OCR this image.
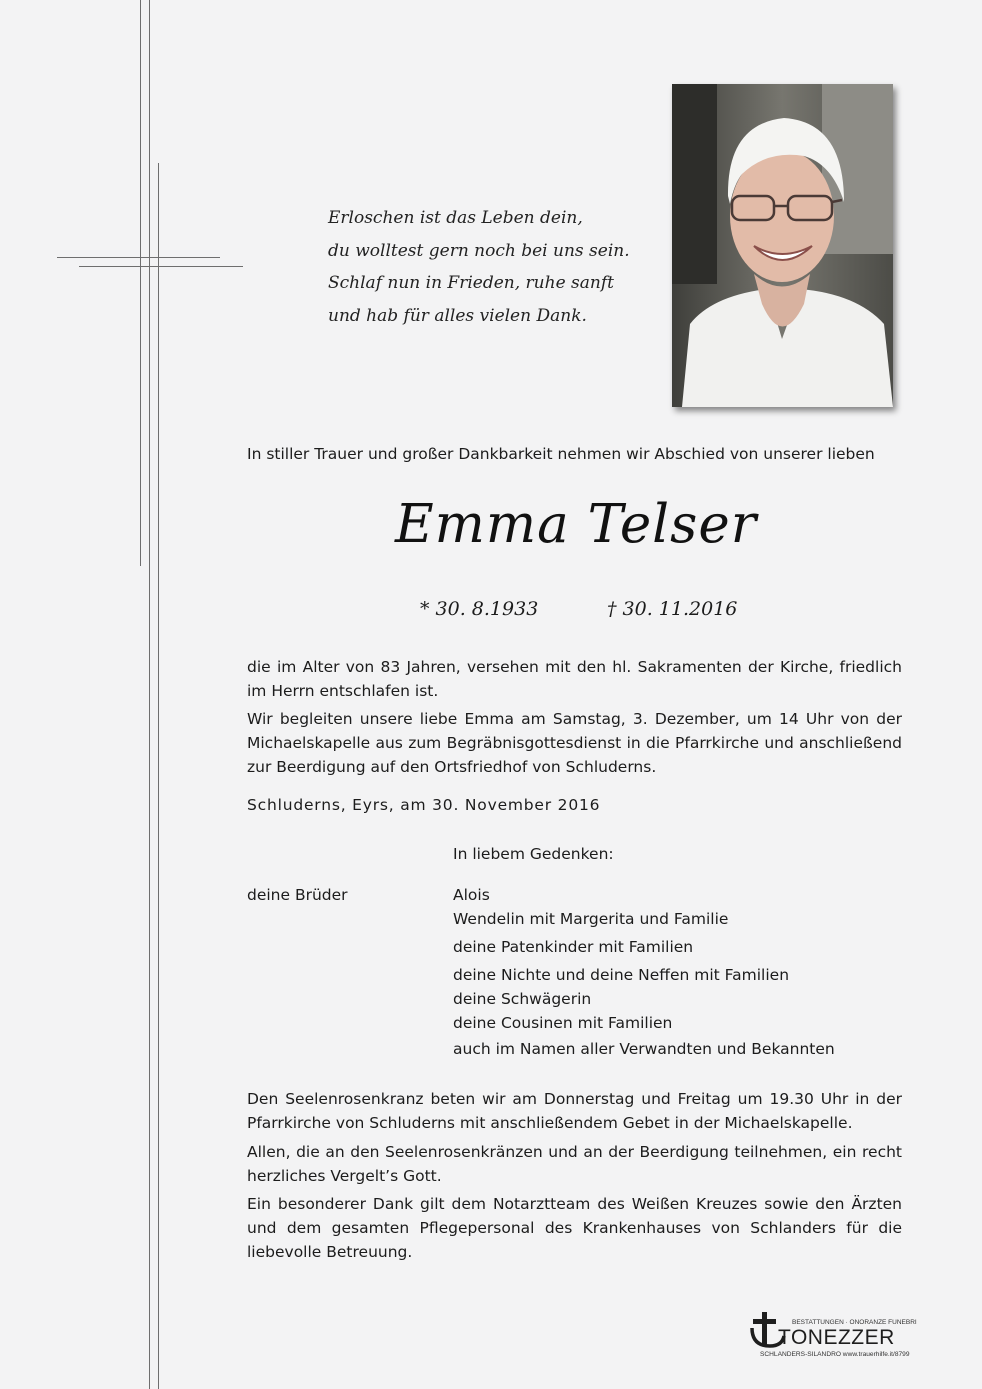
Erloschen ist das Leben dein,
du wolltest gern noch bei uns sein.
Schlaf nun in Frieden, ruhe sanft
und hab für alles vielen Dank.
In stiller Trauer und großer Dankbarkeit nehmen wir Abschied von unserer lieben
Emma Telser
* 30. 8.1933	† 30. 11.2016
die im Alter von 83 Jahren, versehen mit den hl. Sakramenten der Kirche, friedlich im Herrn entschlafen ist.
Wir begleiten unsere liebe Emma am Samstag, 3. Dezember, um 14 Uhr von der Michaelskapelle aus zum Begräbnisgottesdienst in die Pfarrkirche und anschließend zur Beerdigung auf den Ortsfriedhof von Schluderns.
Schluderns, Eyrs, am 30. November 2016
In liebem Gedenken:
deine Brüder	Alois
Wendelin mit Margerita und Familie
deine Patenkinder mit Familien
deine Nichte und deine Neffen mit Familien
deine Schwägerin
deine Cousinen mit Familien
auch im Namen aller Verwandten und Bekannten
Den Seelenrosenkranz beten wir am Donnerstag und Freitag um 19.30 Uhr in der Pfarrkirche von Schluderns mit anschließendem Gebet in der Michaelskapelle.
Allen, die an den Seelenrosenkränzen und an der Beerdigung teilnehmen, ein recht herzliches Vergelt’s Gott.
Ein besonderer Dank gilt dem Notarztteam des Weißen Kreuzes sowie den Ärzten und dem gesamten Pflegepersonal des Krankenhauses von Schlanders für die liebevolle Betreuung.
BESTATTUNGEN · ONORANZE FUNEBRI
TONEZZER
SCHLANDERS-SILANDRO www.trauerhilfe.it/8799
